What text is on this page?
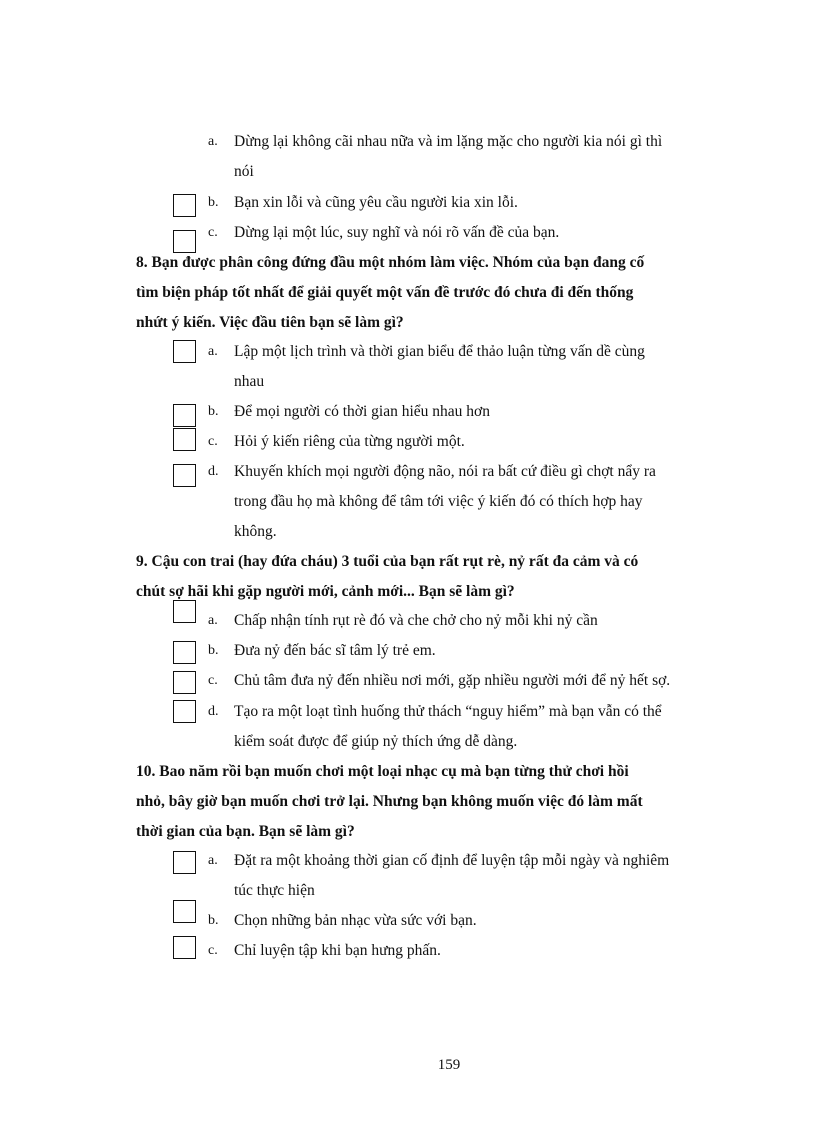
a. Dừng lại không cãi nhau nữa và im lặng mặc cho người kia nói gì thì
nói
b. Bạn xin lỗi và cũng yêu cầu người kia xin lỗi.
c. Dừng lại một lúc, suy nghĩ và nói rõ vấn đề của bạn.
8. Bạn được phân công đứng đầu một nhóm làm việc. Nhóm của bạn đang cố
tìm biện pháp tốt nhất để giải quyết một vấn đề trước đó chưa đi đến thống
nhứt ý kiến. Việc đầu tiên bạn sẽ làm gì?
a. Lập một lịch trình và thời gian biểu để thảo luận từng vấn dề cùng
nhau
b. Để mọi người có thời gian hiểu nhau hơn
c. Hỏi ý kiến riêng của từng người một.
d. Khuyến khích mọi người động não, nói ra bất cứ điều gì chợt nẩy ra
trong đầu họ mà không để tâm tới việc ý kiến đó có thích hợp hay
không.
9. Cậu con trai (hay đứa cháu) 3 tuổi của bạn rất rụt rè, nỷ rất đa cảm và có
chút sợ hãi khi gặp người mới, cảnh mới... Bạn sẽ làm gì?
a. Chấp nhận tính rụt rè đó và che chở cho nỷ mỗi khi nỷ cần
b. Đưa nỷ đến bác sĩ tâm lý trẻ em.
c. Chủ tâm đưa nỷ đến nhiều nơi mới, gặp nhiều người mới để nỷ hết sợ.
d. Tạo ra một loạt tình huống thử thách “nguy hiểm” mà bạn vẫn có thể
kiểm soát được để giúp nỷ thích ứng dễ dàng.
10. Bao năm rồi bạn muốn chơi một loại nhạc cụ mà bạn từng thử chơi hồi
nhỏ, bây giờ bạn muốn chơi trở lại. Nhưng bạn không muốn việc đó làm mất
thời gian của bạn. Bạn sẽ làm gì?
a. Đặt ra một khoảng thời gian cố định để luyện tập mỗi ngày và nghiêm
túc thực hiện
b. Chọn những bản nhạc vừa sức với bạn.
c. Chỉ luyện tập khi bạn hưng phấn.
159
